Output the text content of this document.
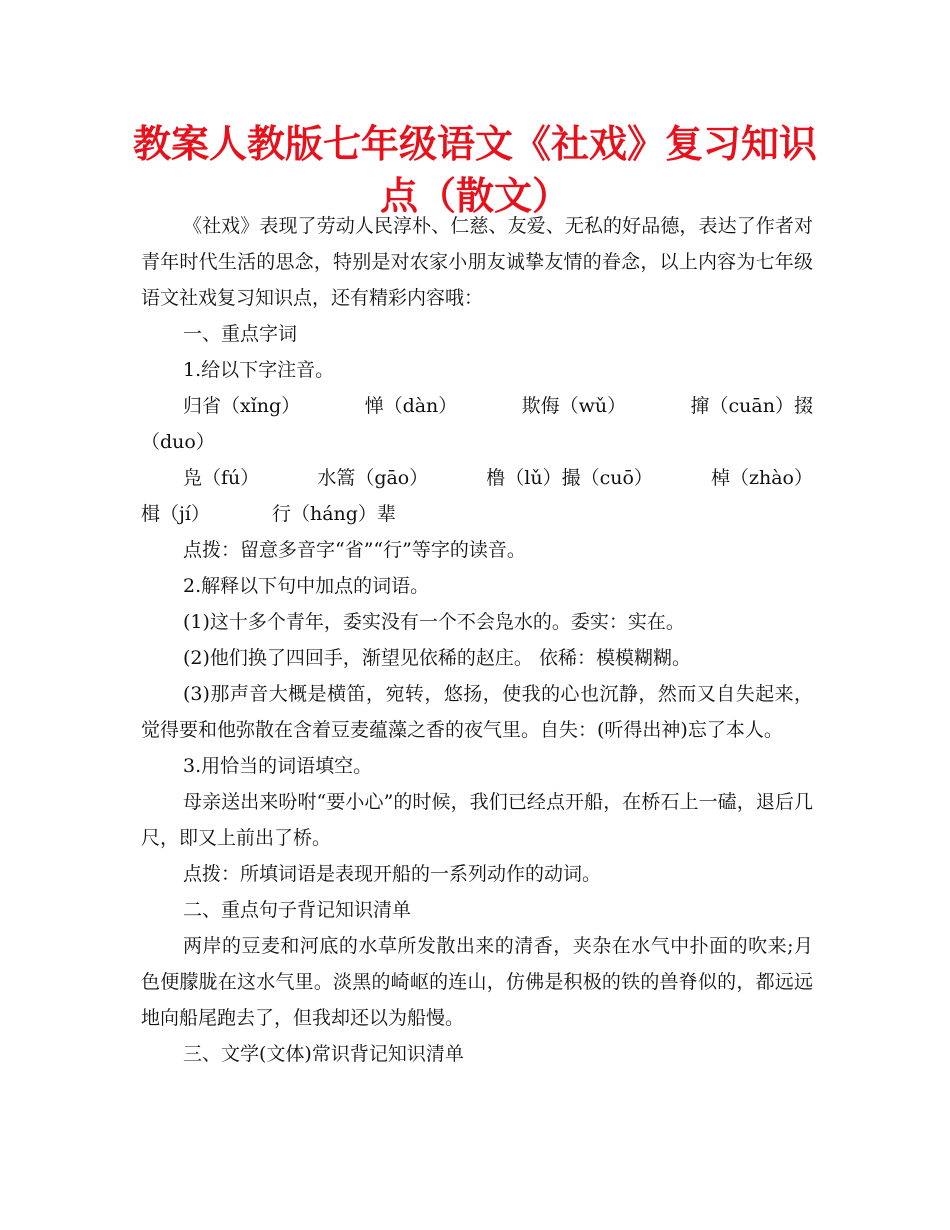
教案人教版七年级语文《社戏》复习知识点（散文）

《社戏》表现了劳动人民淳朴、仁慈、友爱、无私的好品德，表达了作者对青年时代生活的思念，特别是对农家小朋友诚挚友情的眷念，以上内容为七年级语文社戏复习知识点，还有精彩内容哦：

一、重点字词

1.给以下字注音。

归省（xǐng）	惮（dàn）	欺侮（wǔ）	撺（cuān）掇

（duo）

凫（fú）	水篙（gāo）	橹（lǔ）撮（cuō）	棹（zhào）

楫（jí）	行（háng）辈

点拨：留意多音字“省”“行”等字的读音。

2.解释以下句中加点的词语。

(1)这十多个青年，委实没有一个不会凫水的。委实：实在。

(2)他们换了四回手，渐望见依稀的赵庄。 依稀：模模糊糊。

(3)那声音大概是横笛，宛转，悠扬，使我的心也沉静，然而又自失起来，觉得要和他弥散在含着豆麦蕴藻之香的夜气里。自失：(听得出神)忘了本人。

3.用恰当的词语填空。

母亲送出来吩咐“要小心”的时候，我们已经点开船，在桥石上一磕，退后几尺，即又上前出了桥。

点拨：所填词语是表现开船的一系列动作的动词。

二、重点句子背记知识清单

两岸的豆麦和河底的水草所发散出来的清香，夹杂在水气中扑面的吹来;月色便朦胧在这水气里。淡黑的崎岖的连山，仿佛是积极的铁的兽脊似的，都远远地向船尾跑去了，但我却还以为船慢。

三、文学(文体)常识背记知识清单
